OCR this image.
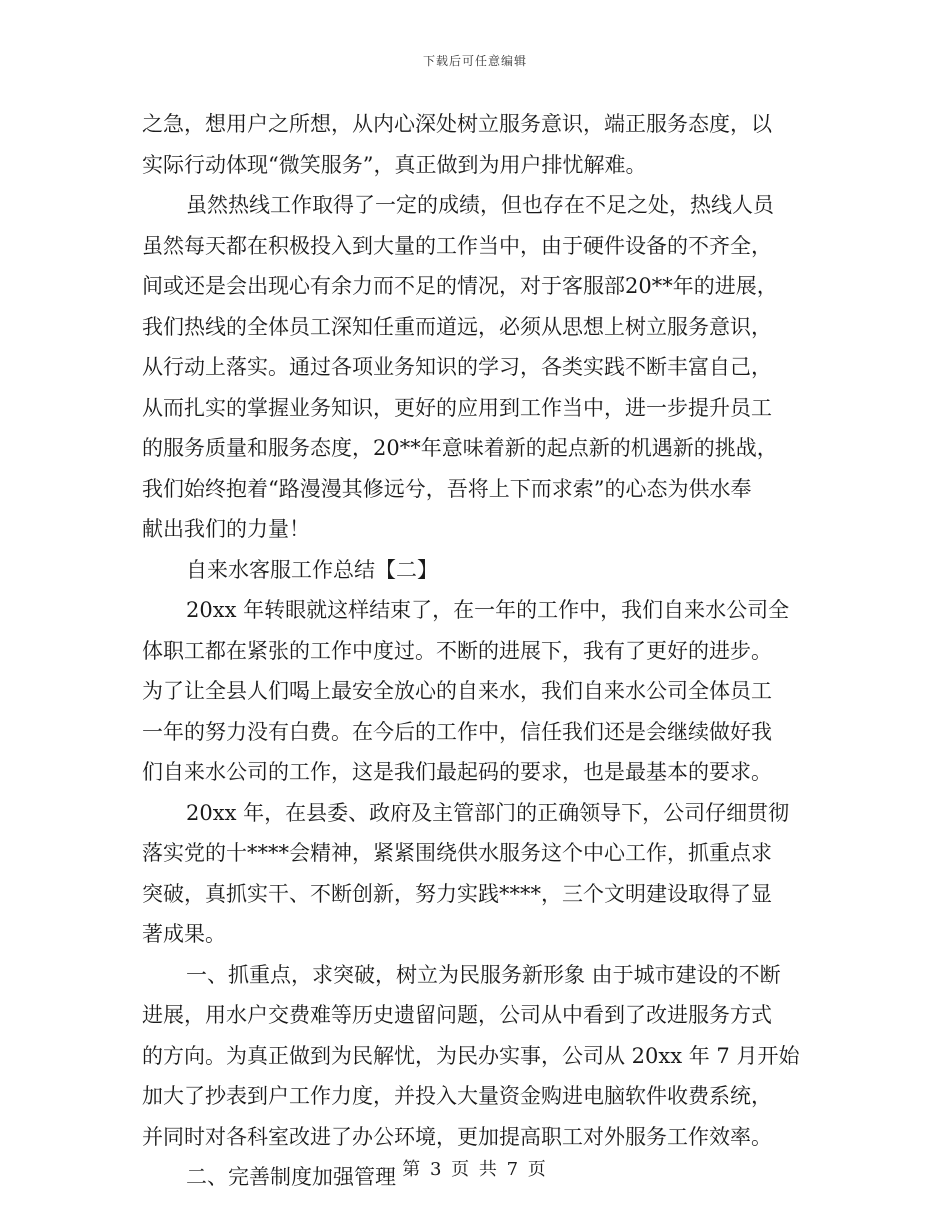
下载后可任意编辑
之急，想用户之所想，从内心深处树立服务意识，端正服务态度，以
实际行动体现“微笑服务”，真正做到为用户排忧解难。
虽然热线工作取得了一定的成绩，但也存在不足之处，热线人员
虽然每天都在积极投入到大量的工作当中，由于硬件设备的不齐全，
间或还是会出现心有余力而不足的情况，对于客服部20**年的进展，
我们热线的全体员工深知任重而道远，必须从思想上树立服务意识，
从行动上落实。通过各项业务知识的学习，各类实践不断丰富自己，
从而扎实的掌握业务知识，更好的应用到工作当中，进一步提升员工
的服务质量和服务态度，20**年意味着新的起点新的机遇新的挑战，
我们始终抱着“路漫漫其修远兮，吾将上下而求索”的心态为供水奉
献出我们的力量！
自来水客服工作总结【二】
20xx 年转眼就这样结束了，在一年的工作中，我们自来水公司全
体职工都在紧张的工作中度过。不断的进展下，我有了更好的进步。
为了让全县人们喝上最安全放心的自来水，我们自来水公司全体员工
一年的努力没有白费。在今后的工作中，信任我们还是会继续做好我
们自来水公司的工作，这是我们最起码的要求，也是最基本的要求。
20xx 年，在县委、政府及主管部门的正确领导下，公司仔细贯彻
落实党的十****会精神，紧紧围绕供水服务这个中心工作，抓重点求
突破，真抓实干、不断创新，努力实践****，三个文明建设取得了显
著成果。
一、抓重点，求突破，树立为民服务新形象 由于城市建设的不断
进展，用水户交费难等历史遗留问题，公司从中看到了改进服务方式
的方向。为真正做到为民解忧，为民办实事，公司从 20xx 年 7 月开始
加大了抄表到户工作力度，并投入大量资金购进电脑软件收费系统，
并同时对各科室改进了办公环境，更加提高职工对外服务工作效率。
二、完善制度加强管理 第 3 页 共 7 页
